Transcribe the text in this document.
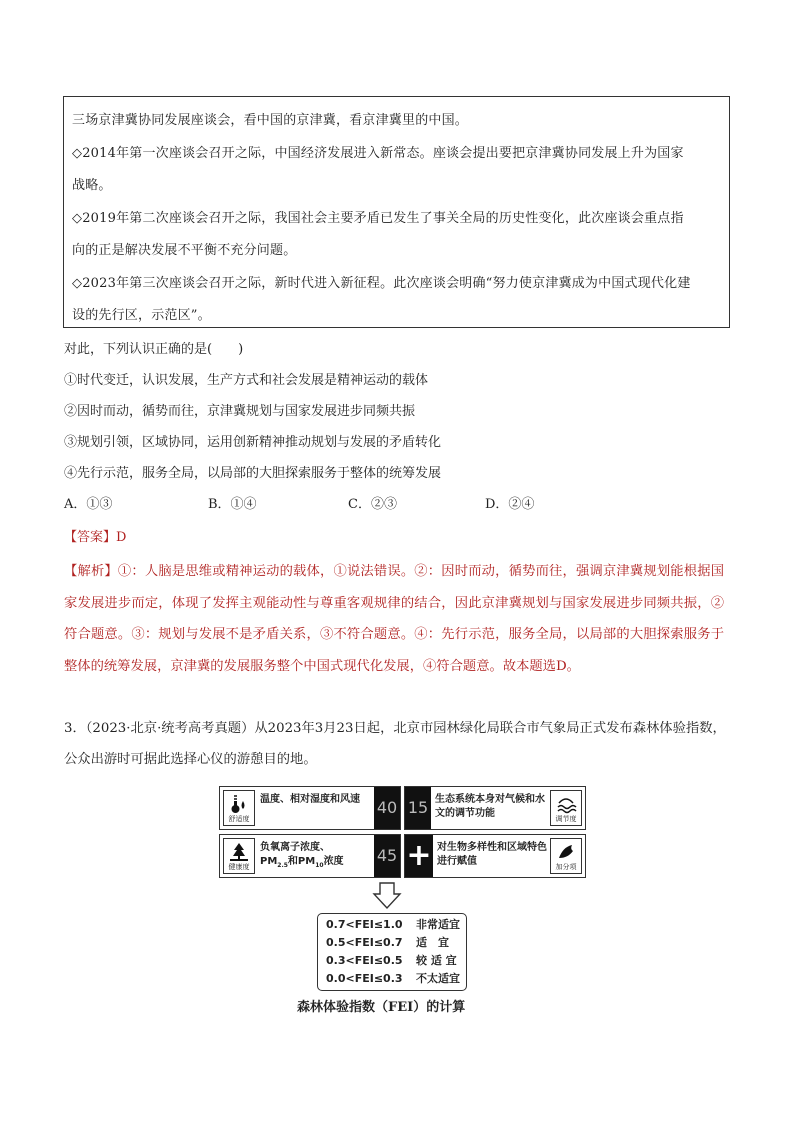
三场京津冀协同发展座谈会，看中国的京津冀，看京津冀里的中国。

◇2014年第一次座谈会召开之际，中国经济发展进入新常态。座谈会提出要把京津冀协同发展上升为国家

战略。

◇2019年第二次座谈会召开之际，我国社会主要矛盾已发生了事关全局的历史性变化，此次座谈会重点指

向的正是解决发展不平衡不充分问题。

◇2023年第三次座谈会召开之际，新时代进入新征程。此次座谈会明确“努力使京津冀成为中国式现代化建

设的先行区，示范区”。

对此，下列认识正确的是(　　)

①时代变迁，认识发展，生产方式和社会发展是精神运动的载体

②因时而动，循势而往，京津冀规划与国家发展进步同频共振

③规划引领，区域协同，运用创新精神推动规划与发展的矛盾转化

④先行示范，服务全局，以局部的大胆探索服务于整体的统筹发展

A．①③	B．①④	C．②③	D．②④

【答案】D

【解析】①：人脑是思维或精神运动的载体，①说法错误。②：因时而动，循势而往，强调京津冀规划能根据国家发展进步而定，体现了发挥主观能动性与尊重客观规律的结合，因此京津冀规划与国家发展进步同频共振，②符合题意。③：规划与发展不是矛盾关系，③不符合题意。④：先行示范，服务全局，以局部的大胆探索服务于整体的统筹发展，京津冀的发展服务整个中国式现代化发展，④符合题意。故本题选D。

3．（2023·北京·统考高考真题）从2023年3月23日起，北京市园林绿化局联合市气象局正式发布森林体验指数，公众出游时可据此选择心仪的游憩目的地。

舒适度
温度、相对湿度和风速	40 15 生态系统本身对气候和水文的调节功能	调节度
健康度
负氧离子浓度、
$PM_{2.5}$和$PM_{10}$浓度	45 + 对生物多样性和区域特色进行赋值	加分项
0.7<FEI≤1.0 非常适宜
0.5<FEI≤0.7 适　宜
0.3<FEI≤0.5 较 适 宜
0.0<FEI≤0.3 不太适宜
森林体验指数（FEI）的计算
